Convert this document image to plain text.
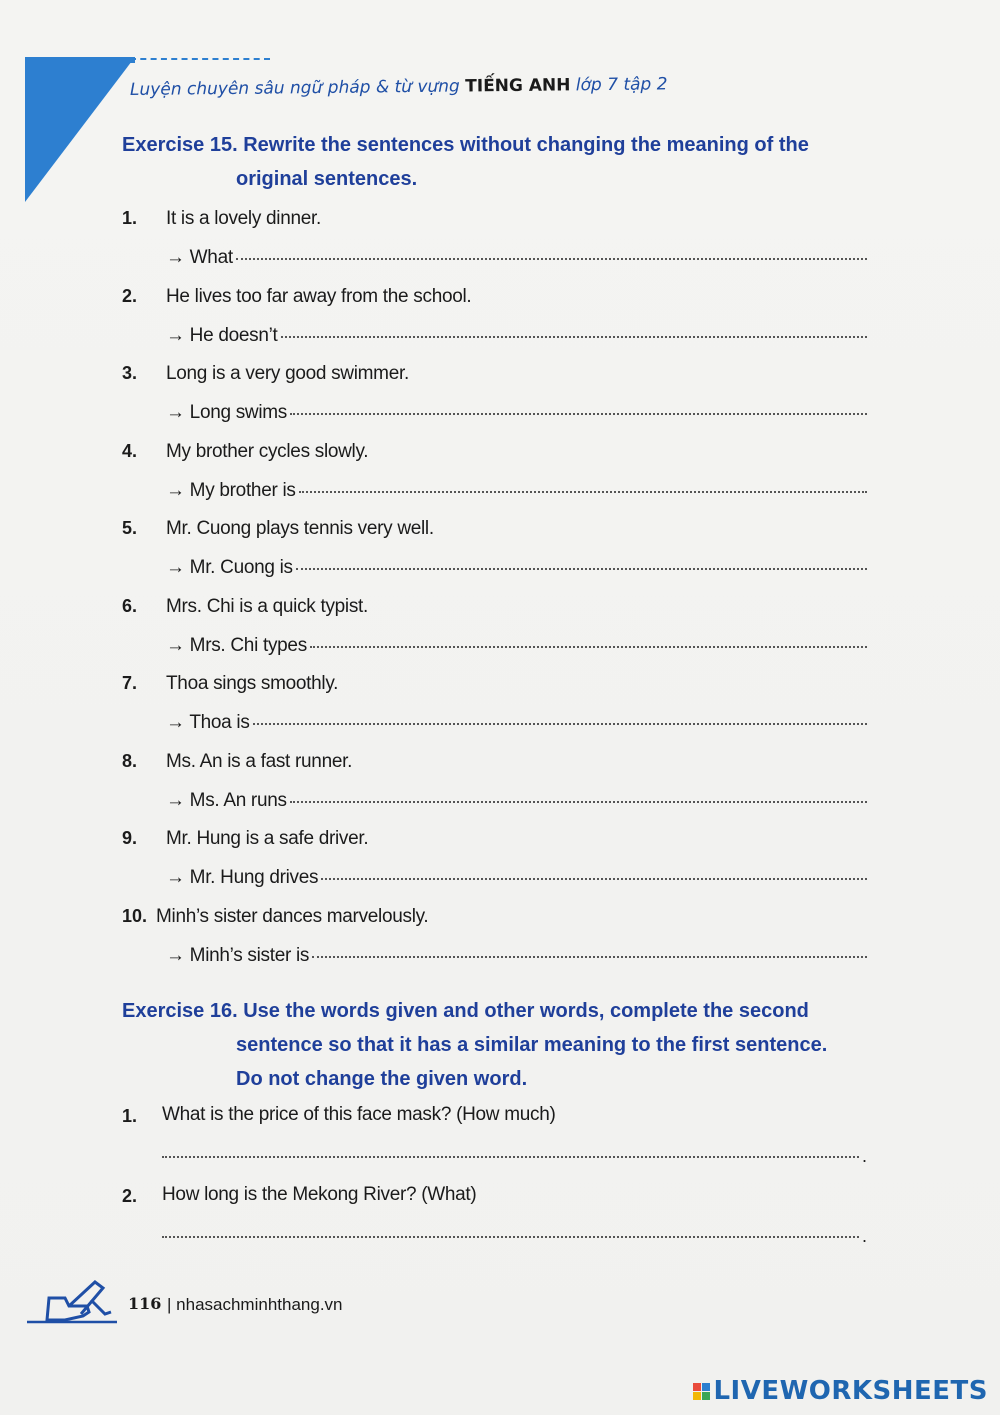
Luyện chuyên sâu ngữ pháp & từ vựng TIẾNG ANH lớp 7 tập 2
Exercise 15. Rewrite the sentences without changing the meaning of the
original sentences.
1.	It is a lovely dinner.
→ What
2.	He lives too far away from the school.
→ He doesn’t
3.	Long is a very good swimmer.
→ Long swims
4.	My brother cycles slowly.
→ My brother is
5.	Mr. Cuong plays tennis very well.
→ Mr. Cuong is
6.	Mrs. Chi is a quick typist.
→ Mrs. Chi types
7.	Thoa sings smoothly.
→ Thoa is
8.	Ms. An is a fast runner.
→ Ms. An runs
9.	Mr. Hung is a safe driver.
→ Mr. Hung drives
10. Minh’s sister dances marvelously.
→ Minh’s sister is
Exercise 16. Use the words given and other words, complete the second
sentence so that it has a similar meaning to the first sentence.
Do not change the given word.
1. What is the price of this face mask? (How much)
.
2. How long is the Mekong River? (What)
.
116 | nhasachminhthang.vn
LIVEWORKSHEETS
